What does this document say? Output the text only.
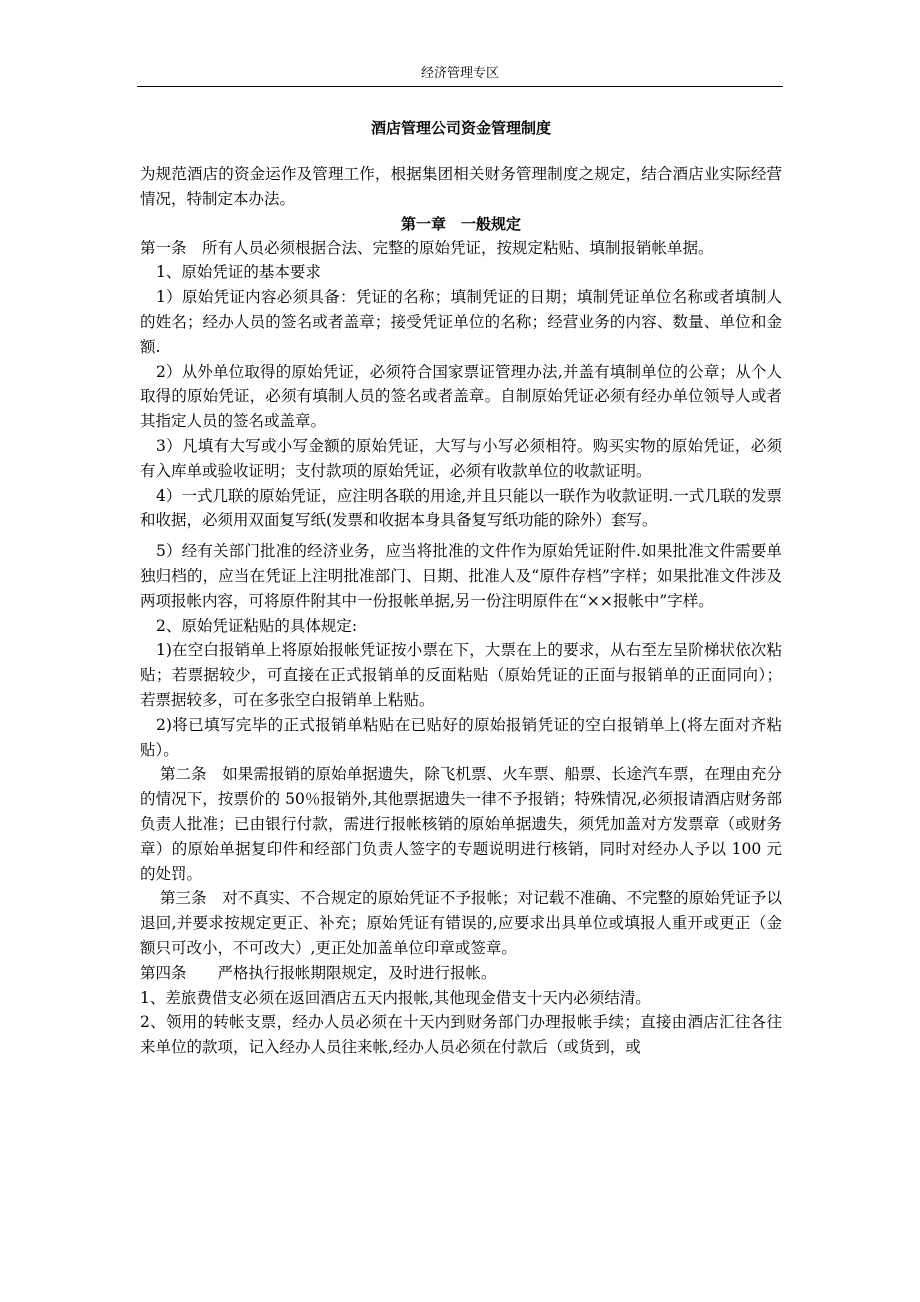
经济管理专区
酒店管理公司资金管理制度

为规范酒店的资金运作及管理工作，根据集团相关财务管理制度之规定，结合酒店业实际经营情况，特制定本办法。

第一章　一般规定

第一条　所有人员必须根据合法、完整的原始凭证，按规定粘贴、填制报销帐单据。

1、原始凭证的基本要求

1）原始凭证内容必须具备：凭证的名称；填制凭证的日期；填制凭证单位名称或者填制人的姓名；经办人员的签名或者盖章；接受凭证单位的名称；经营业务的内容、数量、单位和金额.

2）从外单位取得的原始凭证，必须符合国家票证管理办法,并盖有填制单位的公章；从个人取得的原始凭证，必须有填制人员的签名或者盖章。自制原始凭证必须有经办单位领导人或者其指定人员的签名或盖章。

3）凡填有大写或小写金额的原始凭证，大写与小写必须相符。购买实物的原始凭证，必须有入库单或验收证明；支付款项的原始凭证，必须有收款单位的收款证明。

4）一式几联的原始凭证，应注明各联的用途,并且只能以一联作为收款证明.一式几联的发票和收据，必须用双面复写纸(发票和收据本身具备复写纸功能的除外）套写。

5）经有关部门批准的经济业务，应当将批准的文件作为原始凭证附件.如果批准文件需要单独归档的，应当在凭证上注明批准部门、日期、批准人及“原件存档”字样；如果批准文件涉及两项报帐内容，可将原件附其中一份报帐单据,另一份注明原件在“××报帐中”字样。

2、原始凭证粘贴的具体规定:

1)在空白报销单上将原始报帐凭证按小票在下，大票在上的要求，从右至左呈阶梯状依次粘贴；若票据较少，可直接在正式报销单的反面粘贴（原始凭证的正面与报销单的正面同向）；若票据较多，可在多张空白报销单上粘贴。

2)将已填写完毕的正式报销单粘贴在已贴好的原始报销凭证的空白报销单上(将左面对齐粘贴）。

第二条　如果需报销的原始单据遗失，除飞机票、火车票、船票、长途汽车票，在理由充分的情况下，按票价的 50％报销外,其他票据遗失一律不予报销；特殊情况,必须报请酒店财务部负责人批准；已由银行付款，需进行报帐核销的原始单据遗失，须凭加盖对方发票章（或财务章）的原始单据复印件和经部门负责人签字的专题说明进行核销，同时对经办人予以 100 元的处罚。

第三条　对不真实、不合规定的原始凭证不予报帐；对记载不准确、不完整的原始凭证予以退回,并要求按规定更正、补充；原始凭证有错误的,应要求出具单位或填报人重开或更正（金额只可改小，不可改大）,更正处加盖单位印章或签章。

第四条　　严格执行报帐期限规定，及时进行报帐。

1、差旅费借支必须在返回酒店五天内报帐,其他现金借支十天内必须结清。

2、领用的转帐支票，经办人员必须在十天内到财务部门办理报帐手续；直接由酒店汇往各往来单位的款项，记入经办人员往来帐,经办人员必须在付款后（或货到，或
